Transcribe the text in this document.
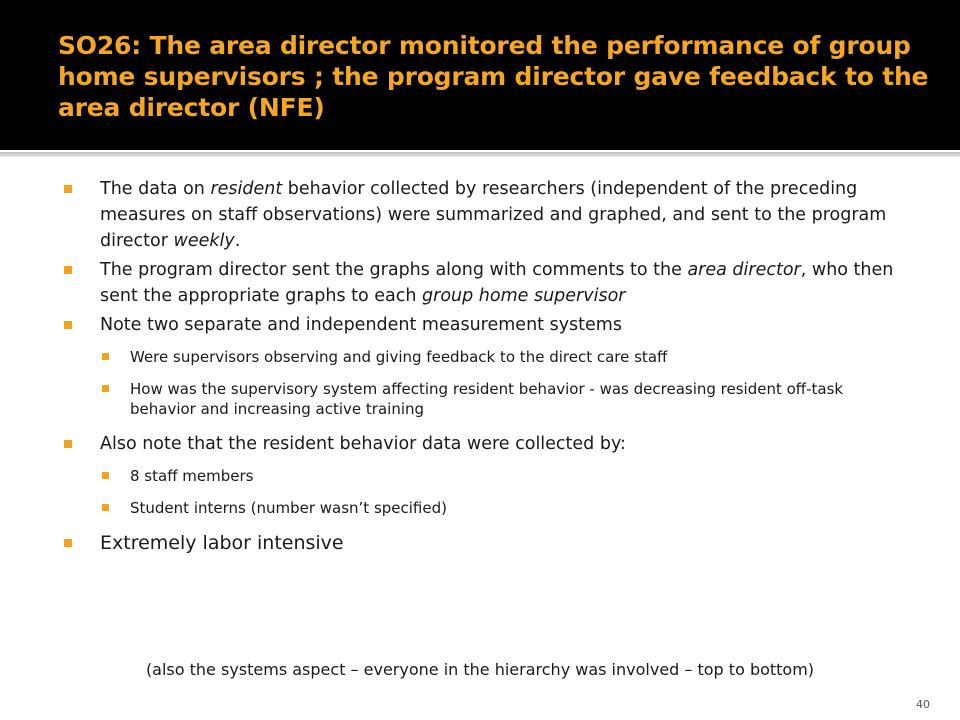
SO26: The area director monitored the performance of group home supervisors ; the program director gave feedback to the area director (NFE)
The data on resident behavior collected by researchers (independent of the preceding measures on staff observations) were summarized and graphed, and sent to the program director weekly.
The program director sent the graphs along with comments to the area director, who then sent the appropriate graphs to each group home supervisor
Note two separate and independent measurement systems
Were supervisors observing and giving feedback to the direct care staff
How was the supervisory system affecting resident behavior - was decreasing resident off-task behavior and increasing active training
Also note that the resident behavior data were collected by:
8 staff members
Student interns (number wasn’t specified)
Extremely labor intensive
(also the systems aspect – everyone in the hierarchy was involved – top to bottom)
40
